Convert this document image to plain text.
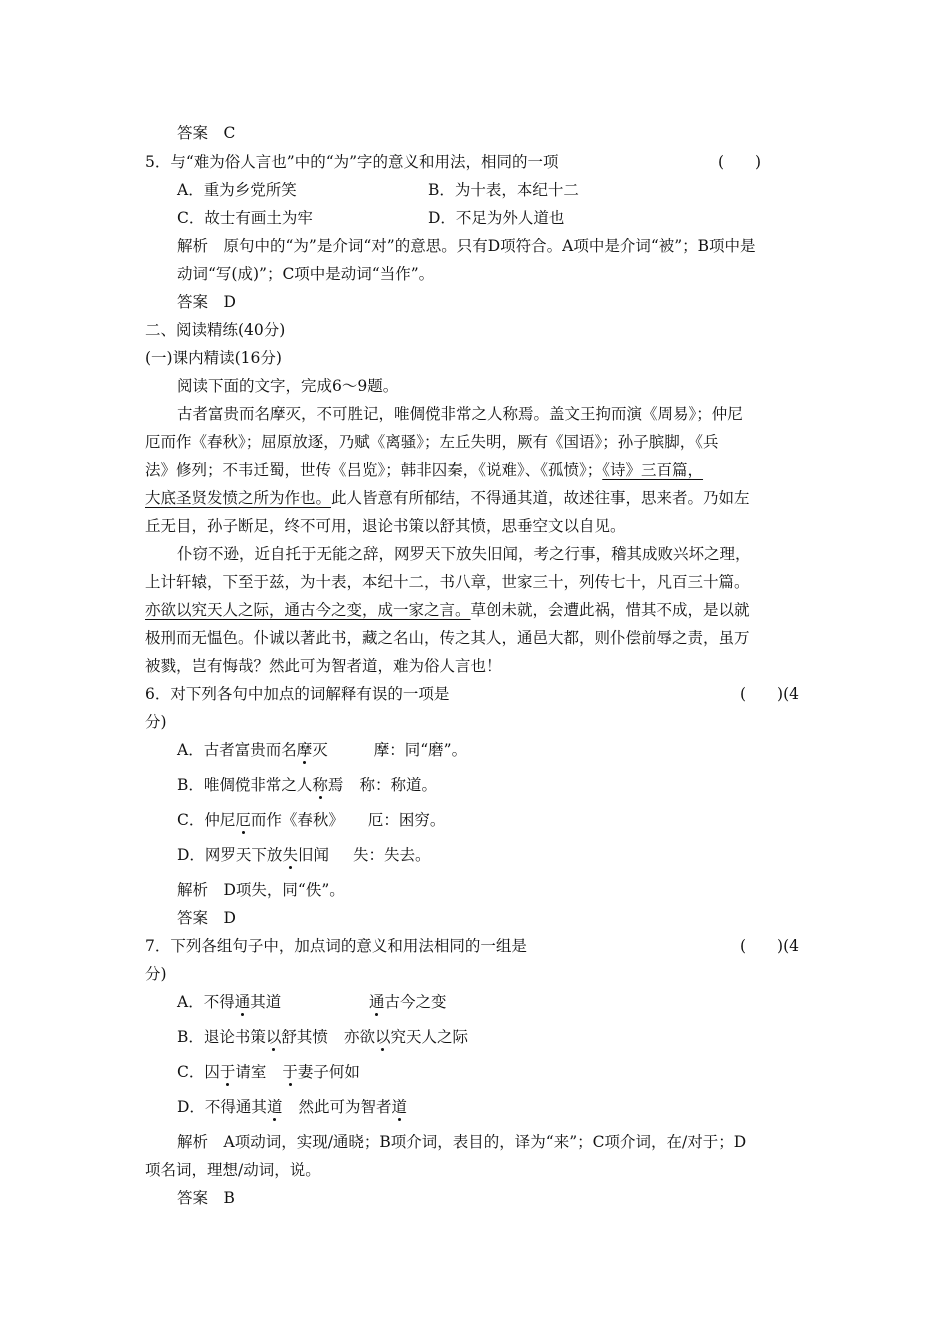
答案　C
5．与“难为俗人言也”中的“为”字的意义和用法，相同的一项	(　　)
A．重为乡党所笑	B．为十表，本纪十二
C．故士有画土为牢	D．不足为外人道也
解析　原句中的“为”是介词“对”的意思。只有D项符合。A项中是介词“被”；B项中是
动词“写(成)”；C项中是动词“当作”。
答案　D
二、阅读精练(40分)
(一)课内精读(16分)
阅读下面的文字，完成6～9题。
古者富贵而名摩灭，不可胜记，唯倜傥非常之人称焉。盖文王拘而演《周易》；仲尼
厄而作《春秋》；屈原放逐，乃赋《离骚》；左丘失明，厥有《国语》；孙子膑脚，《兵
法》修列；不韦迁蜀，世传《吕览》；韩非囚秦，《说难》、《孤愤》；《诗》三百篇，
大底圣贤发愤之所为作也。此人皆意有所郁结，不得通其道，故述往事，思来者。乃如左
丘无目，孙子断足，终不可用，退论书策以舒其愤，思垂空文以自见。
仆窃不逊，近自托于无能之辞，网罗天下放失旧闻，考之行事，稽其成败兴坏之理，
上计轩辕，下至于兹，为十表，本纪十二，书八章，世家三十，列传七十，凡百三十篇。
亦欲以究天人之际，通古今之变，成一家之言。草创未就，会遭此祸，惜其不成，是以就
极刑而无愠色。仆诚以著此书，藏之名山，传之其人，通邑大都，则仆偿前辱之责，虽万
被戮，岂有悔哉？然此可为智者道，难为俗人言也！
6．对下列各句中加点的词解释有误的一项是	(　　)(4
分)
A．古者富贵而名摩灭	摩：同“磨”。
B．唯倜傥非常之人称焉 称：称道。
C．仲尼厄而作《春秋》 厄：困穷。
D．网罗天下放失旧闻 失：失去。
解析　D项失，同“佚”。
答案　D
7．下列各组句子中，加点词的意义和用法相同的一组是	(　　)(4
分)
A．不得通其道	通古今之变
B．退论书策以舒其愤 亦欲以究天人之际
C．囚于请室 于妻子何如
D．不得通其道 然此可为智者道
解析　A项动词，实现/通晓；B项介词，表目的，译为“来”；C项介词，在/对于；D
项名词，理想/动词，说。
答案　B
